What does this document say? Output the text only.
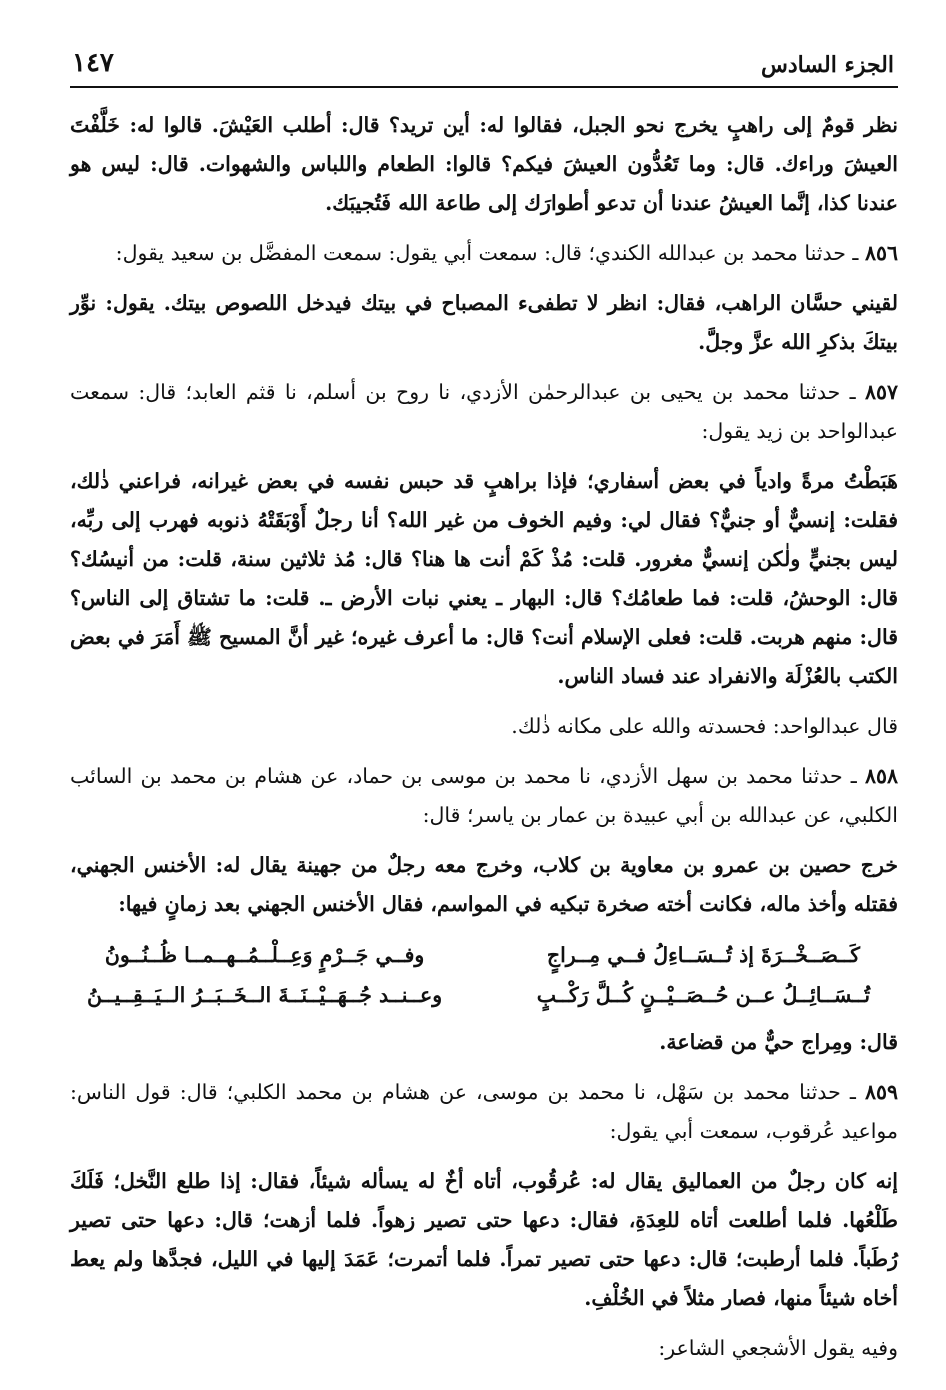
الجزء السادس
١٤٧

نظر قومٌ إلى راهبٍ يخرج نحو الجبل، فقالوا له: أين تريد؟ قال: أطلب العَيْشَ. قالوا له: خَلَّفْتَ العيشَ وراءك. قال: وما تَعُدُّون العيشَ فيكم؟ قالوا: الطعام واللباس والشهوات. قال: ليس هو عندنا كذا، إنَّما العيشُ عندنا أن تدعو أطوارَك إلى طاعة الله فَتُجيبَك.

٨٥٦ ـ حدثنا محمد بن عبدالله الكندي؛ قال: سمعت أبي يقول: سمعت المفضَّل بن سعيد يقول:

لقيني حسَّان الراهب، فقال: انظر لا تطفىء المصباح في بيتك فيدخل اللصوص بيتك. يقول: نوِّر بيتكَ بذكرِ الله عزَّ وجلَّ.

٨٥٧ ـ حدثنا محمد بن يحيى بن عبدالرحمٰن الأزدي، نا روح بن أسلم، نا قثم العابد؛ قال: سمعت عبدالواحد بن زيد يقول:

هَبَطْتُ مرةً وادياً في بعض أسفاري؛ فإذا براهبٍ قد حبس نفسه في بعض غيرانه، فراعني ذٰلك، فقلت: إنسيٌّ أو جنيٌّ؟ فقال لي: وفيم الخوف من غير الله؟ أنا رجلٌ أَوْبَقَتْهُ ذنوبه فهرب إلى ربِّه، ليس بجنيٍّ ولٰكن إنسيٌّ مغرور. قلت: مُذْ كَمْ أنت ها هنا؟ قال: مُذ ثلاثين سنة، قلت: من أنيسُك؟ قال: الوحشُ، قلت: فما طعامُك؟ قال: البهار ـ يعني نبات الأرض ـ. قلت: ما تشتاق إلى الناس؟ قال: منهم هربت. قلت: فعلى الإسلام أنت؟ قال: ما أعرف غيره؛ غير أنَّ المسيح ﷺ أَمَرَ في بعض الكتب بالعُزْلَة والانفراد عند فساد الناس.

قال عبدالواحد: فحسدته والله على مكانه ذٰلك.

٨٥٨ ـ حدثنا محمد بن سهل الأزدي، نا محمد بن موسى بن حماد، عن هشام بن محمد بن السائب الكلبي، عن عبدالله بن أبي عبيدة بن عمار بن ياسر؛ قال:

خرج حصين بن عمرو بن معاوية بن كلاب، وخرج معه رجلٌ من جهينة يقال له: الأخنس الجهني، فقتله وأخذ ماله، فكانت أخته صخرة تبكيه في المواسم، فقال الأخنس الجهني بعد زمانٍ فيها:

كَــصَــخْــرَةَ إذ تُــسَــاءِلُ فــي مِــراجٍ
وفــي جَــرْمٍ وَعِــلْــمُــهــمــا ظُــنُــونُ
تُــسَــائِــلُ عــن حُــصَــيْــنٍ كُــلَّ رَكْــبٍ
وعــنــد جُــهَــيْــنَــةَ الــخَــبَــرُ الــيَــقِــيــنُ

قال: ومِراج حيٌّ من قضاعة.

٨٥٩ ـ حدثنا محمد بن سَهْل، نا محمد بن موسى، عن هشام بن محمد الكلبي؛ قال: قول الناس: مواعيد عُرقوب، سمعت أبي يقول:

إنه كان رجلٌ من العماليق يقال له: عُرقُوب، أتاه أخٌ له يسأله شيئاً، فقال: إذا طلع النَّخل؛ فَلَكَ طَلْعُها. فلما أطلعت أتاه للعِدَةِ، فقال: دعها حتى تصير زهواً. فلما أزهت؛ قال: دعها حتى تصير رُطَباً. فلما أرطبت؛ قال: دعها حتى تصير تمراً. فلما أتمرت؛ عَمَدَ إليها في الليل، فجدَّها ولم يعط أخاه شيئاً منها، فصار مثلاً في الخُلْفِ.

وفيه يقول الأشجعي الشاعر:
